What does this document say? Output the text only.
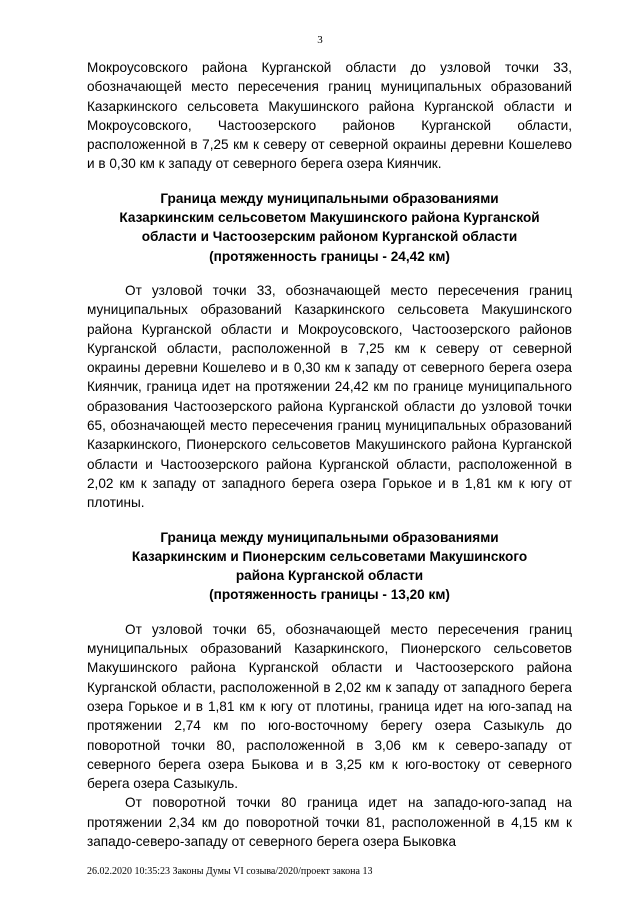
3

Мокроусовского района Курганской области до узловой точки 33, обозначающей место пересечения границ муниципальных образований Казаркинского сельсовета Макушинского района Курганской области и Мокроусовского, Частоозерского районов Курганской области, расположенной в 7,25 км к северу от северной окраины деревни Кошелево и в 0,30 км к западу от северного берега озера Киянчик.

Граница между муниципальными образованиями
Казаркинским сельсоветом Макушинского района Курганской
области и Частоозерским районом Курганской области
(протяженность границы - 24,42 км)

От узловой точки 33, обозначающей место пересечения границ муниципальных образований Казаркинского сельсовета Макушинского района Курганской области и Мокроусовского, Частоозерского районов Курганской области, расположенной в 7,25 км к северу от северной окраины деревни Кошелево и в 0,30 км к западу от северного берега озера Киянчик, граница идет на протяжении 24,42 км по границе муниципального образования Частоозерского района Курганской области до узловой точки 65, обозначающей место пересечения границ муниципальных образований Казаркинского, Пионерского сельсоветов Макушинского района Курганской области и Частоозерского района Курганской области, расположенной в 2,02 км к западу от западного берега озера Горькое и в 1,81 км к югу от плотины.

Граница между муниципальными образованиями
Казаркинским и Пионерским сельсоветами Макушинского
района Курганской области
(протяженность границы - 13,20 км)

От узловой точки 65, обозначающей место пересечения границ муниципальных образований Казаркинского, Пионерского сельсоветов Макушинского района Курганской области и Частоозерского района Курганской области, расположенной в 2,02 км к западу от западного берега озера Горькое и в 1,81 км к югу от плотины, граница идет на юго-запад на протяжении 2,74 км по юго-восточному берегу озера Сазыкуль до поворотной точки 80, расположенной в 3,06 км к северо-западу от северного берега озера Быкова и в 3,25 км к юго-востоку от северного берега озера Сазыкуль.

От поворотной точки 80 граница идет на западо-юго-запад на протяжении 2,34 км до поворотной точки 81, расположенной в 4,15 км к западо-северо-западу от северного берега озера Быковка

26.02.2020 10:35:23 Законы Думы VI созыва/2020/проект закона 13
